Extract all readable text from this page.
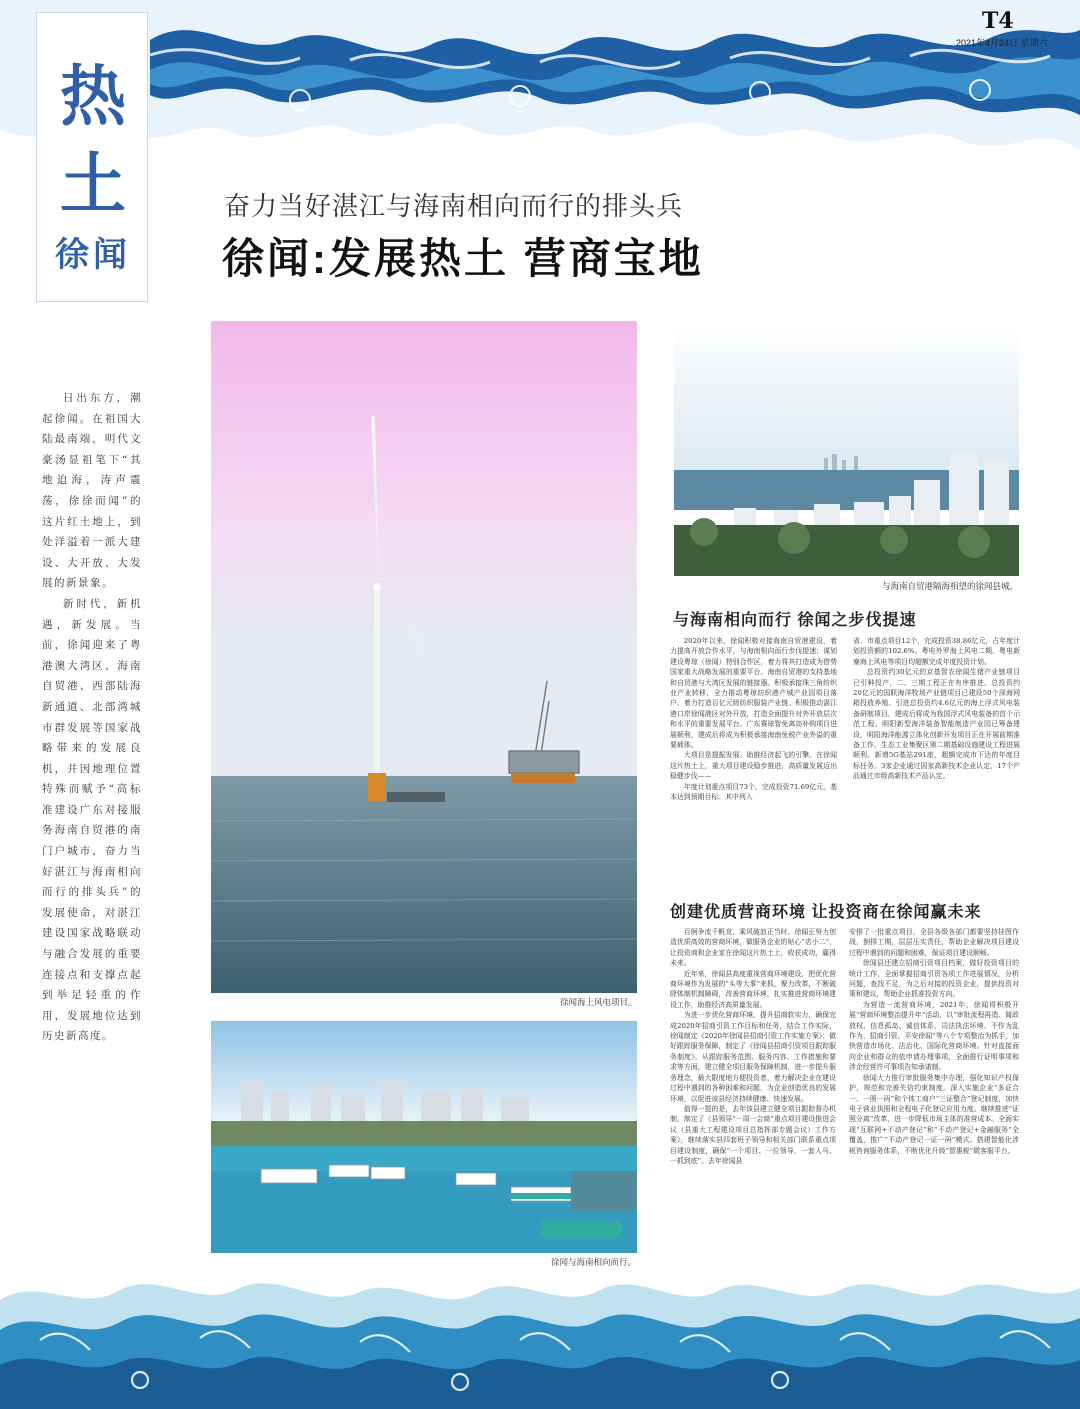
热
土
徐闻
T4
2021年4月24日 星期六
奋力当好湛江与海南相向而行的排头兵
徐闻:发展热土 营商宝地

日出东方，潮起徐闻。在祖国大陆最南端，明代文豪汤显祖笔下“其地迫海，涛声震荡，徐徐而闻”的这片红土地上，到处洋溢着一派大建设、大开放、大发展的新景象。

新时代，新机遇，新发展。当前，徐闻迎来了粤港澳大湾区、海南自贸港、西部陆海新通道、北部湾城市群发展等国家战略带来的发展良机，并因地理位置特殊而赋予“高标准建设广东对接服务海南自贸港的南门户城市，奋力当好湛江与海南相向而行的排头兵”的发展使命，对湛江建设国家战略联动与融合发展的重要连接点和支撑点起到举足轻重的作用，发展地位达到历史新高度。

徐闻海上风电项目。
与海南自贸港隔海相望的徐闻县城。
与海南相向而行 徐闻之步伐提速

2020年以来，徐闻积极对接海南自贸港建设，着力提高开放合作水平，与海南相向而行步伐提速；谋划建设粤琼（徐闻）特别合作区，着力将其打造成为借势国家重大战略发展的重要平台、海南自贸港的支持基地和自贸港与大湾区发展的链接器。积极承接珠三角纺织业产业转移，全力推动粤琼纺织港产城产业园项目落户，着力打造百亿元级纺织服装产业链。积极推动湛江港口岸徐闻港区对外开放，打造全面提升对外开放层次和水平的重要发展平台。广东赛球智免离岛补购项目进展顺利，建成后将成为积极承接海南免税产业外溢的重要载体。

大项目是提振发展、助推经济起飞的引擎。在徐闻这片热土上，重大项目建设稳步推进，高质量发展迈出稳健步伐——

年度计划重点项目73个，完成投资71.69亿元，基本达到预期目标；其中列入

省、市重点项目12个，完成投资38.86亿元，占年度计划投资额的102.6%。粤电外罗海上风电二期、粤电新寮海上风电等项目均超额完成年度投资计划。

总投资约30亿元的京基智农徐闻生猪产业链项目已引种投产，二、三期工程正在有序推进。总投资约20亿元的国联海洋牧场产业链项目已建设50个深海网箱投放养殖。引进总投资约4.6亿元的海上浮式风电装备研制项目，建成后将成为我国浮式风电装备的首个示范工程。明阳新型海洋装备智能制造产业园已筹备建设，明阳海洋能源立体化创新开发项目正在开展前期准备工作。生态工业集聚区第二期基础设施建设工程进展顺利。新增5G基站291座，超额完成市下达的年度目标任务。3家企业通过国家高新技术企业认定，17个产品通过市级高新技术产品认定。

创建优质营商环境 让投资商在徐闻赢未来

百舸争流千帆竞，乘风破浪正当时。徐闻正努力创造优质高效的营商环境，做服务企业的贴心“店小二”，让投资商和企业家在徐闻这片热土上，收获成功，赢得未来。

近年来，徐闻县高度重视营商环境建设，把优化营商环境作为发展的“头等大事”来抓，聚力改革，不断破除体制机制障碍，改善营商环境，扎实推进营商环境建设工作，助推经济高质量发展。

为进一步优化营商环境，提升招商软实力，确保完成2020年招商引资工作目标和任务，结合工作实际，徐闻制定《2020年徐闻县招商引资工作实施方案》；做好跟踪服务保障，制定了《徐闻县招商引资项目跟踪服务制度》，从跟踪服务范围、服务内容、工作措施和要求等方面，建立健全项目服务保障机制，进一步提升服务理念，最大限度地方便投资者，着力解决企业在建设过程中遇到的各种困难和问题，为企业创造优良的发展环境，以促进该县经济持续健康、快速发展。

值得一提的是，去年该县建立健全项目跟踪督办机制，制定了《县领导“一周一会商”重点项目建设推进会议（县重大工程建设项目总指挥部专题会议）工作方案》，继续落实县四套班子领导和相关部门联系重点项目建设制度，确保“一个项目、一位领导、一套人马、一抓到底”。去年徐闻县

安排了一批重点项目，全县各级各部门都要坚持挂图作战，倒排工期，层层压实责任，帮助企业解决项目建设过程中遇到的问题和困难，保证项目建设顺畅。

徐闻县还建立招商引资项目档案，做好投资项目的统计工作，全面掌握招商引资各项工作进展情况，分析问题，查找不足，为之后对接的投资企业，提供投资对策和建议，帮助企业抓准投资方向。

为营造一流营商环境，2021年，徐闻将积极开展“营商环境整治提升年”活动，以“审批流程再造、简政放权、信息孤岛、诚信体系、司法执法环境、不作为乱作为、招商引资、平安徐闻”等八个专项整治为抓手，加快营造市场化、法治化、国际化营商环境。针对直接面向企业和群众的依申请办理事项，全面推行证明事项和涉企经营许可事项告知承诺制。

徐闻大力推行审批服务集中办理，强化知识产权保护，规范和完善失信约束制度。深入实施企业“多证合一、一照一码”和个体工商户“三证整合”登记制度，加快电子营业执照和全程电子化登记应用力度。继续推进“证照分离”改革，进一步降低市场主体的准营成本。全面实现“互联网+不动产登记”和“不动产登记+金融服务”全覆盖，推广“不动产登记一证一码”模式。搭建智能化涉税咨询服务体系，不断优化升级“智惠税”微客服平台。

徐闻与海南相向而行。
